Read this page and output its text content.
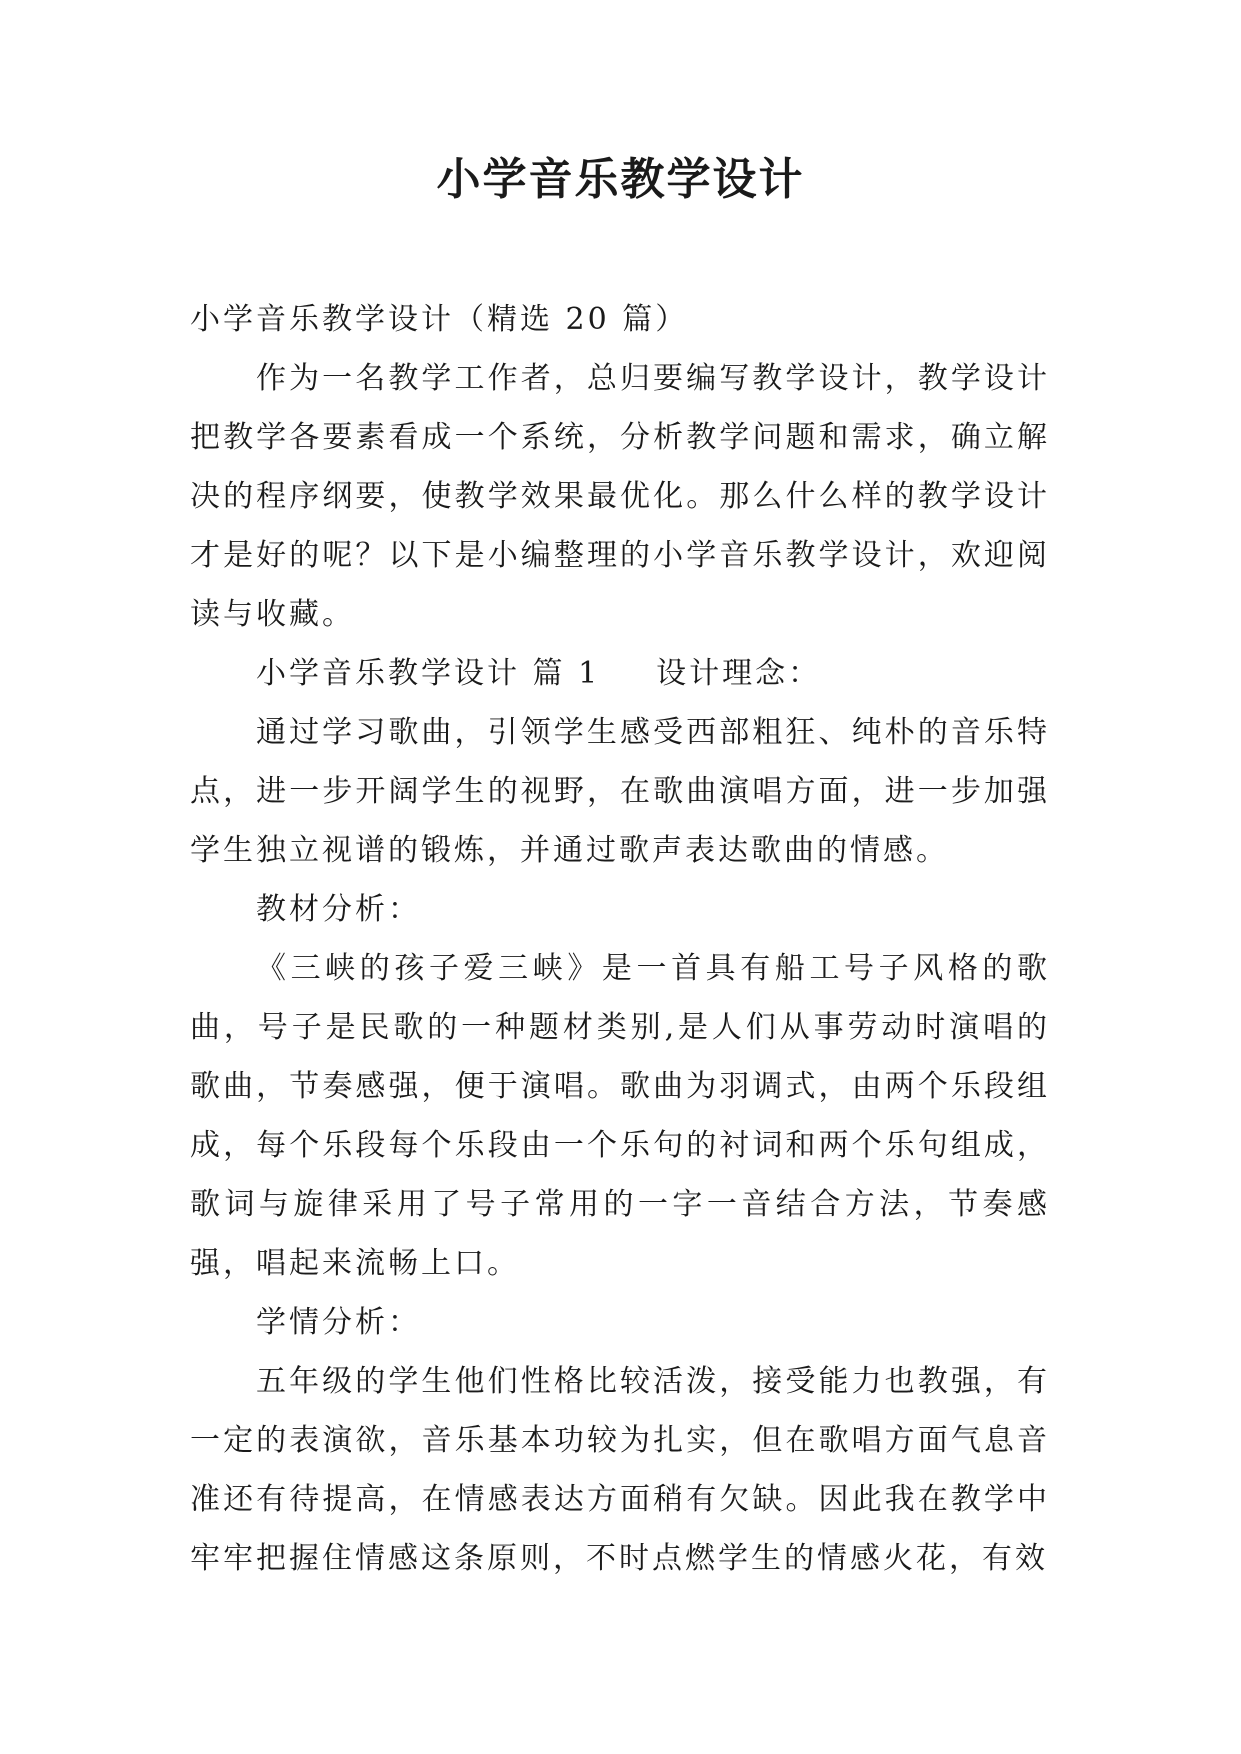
小学音乐教学设计

小学音乐教学设计（精选 20 篇）

作为一名教学工作者，总归要编写教学设计，教学设计把教学各要素看成一个系统，分析教学问题和需求，确立解决的程序纲要，使教学效果最优化。那么什么样的教学设计才是好的呢？以下是小编整理的小学音乐教学设计，欢迎阅读与收藏。

小学音乐教学设计 篇 1 设计理念：

通过学习歌曲，引领学生感受西部粗狂、纯朴的音乐特点，进一步开阔学生的视野，在歌曲演唱方面，进一步加强学生独立视谱的锻炼，并通过歌声表达歌曲的情感。

教材分析：

《三峡的孩子爱三峡》是一首具有船工号子风格的歌曲，号子是民歌的一种题材类别,是人们从事劳动时演唱的歌曲，节奏感强，便于演唱。歌曲为羽调式，由两个乐段组成，每个乐段每个乐段由一个乐句的衬词和两个乐句组成，歌词与旋律采用了号子常用的一字一音结合方法，节奏感强，唱起来流畅上口。

学情分析：

五年级的学生他们性格比较活泼，接受能力也教强，有一定的表演欲，音乐基本功较为扎实，但在歌唱方面气息音准还有待提高，在情感表达方面稍有欠缺。因此我在教学中牢牢把握住情感这条原则，不时点燃学生的情感火花，有效
